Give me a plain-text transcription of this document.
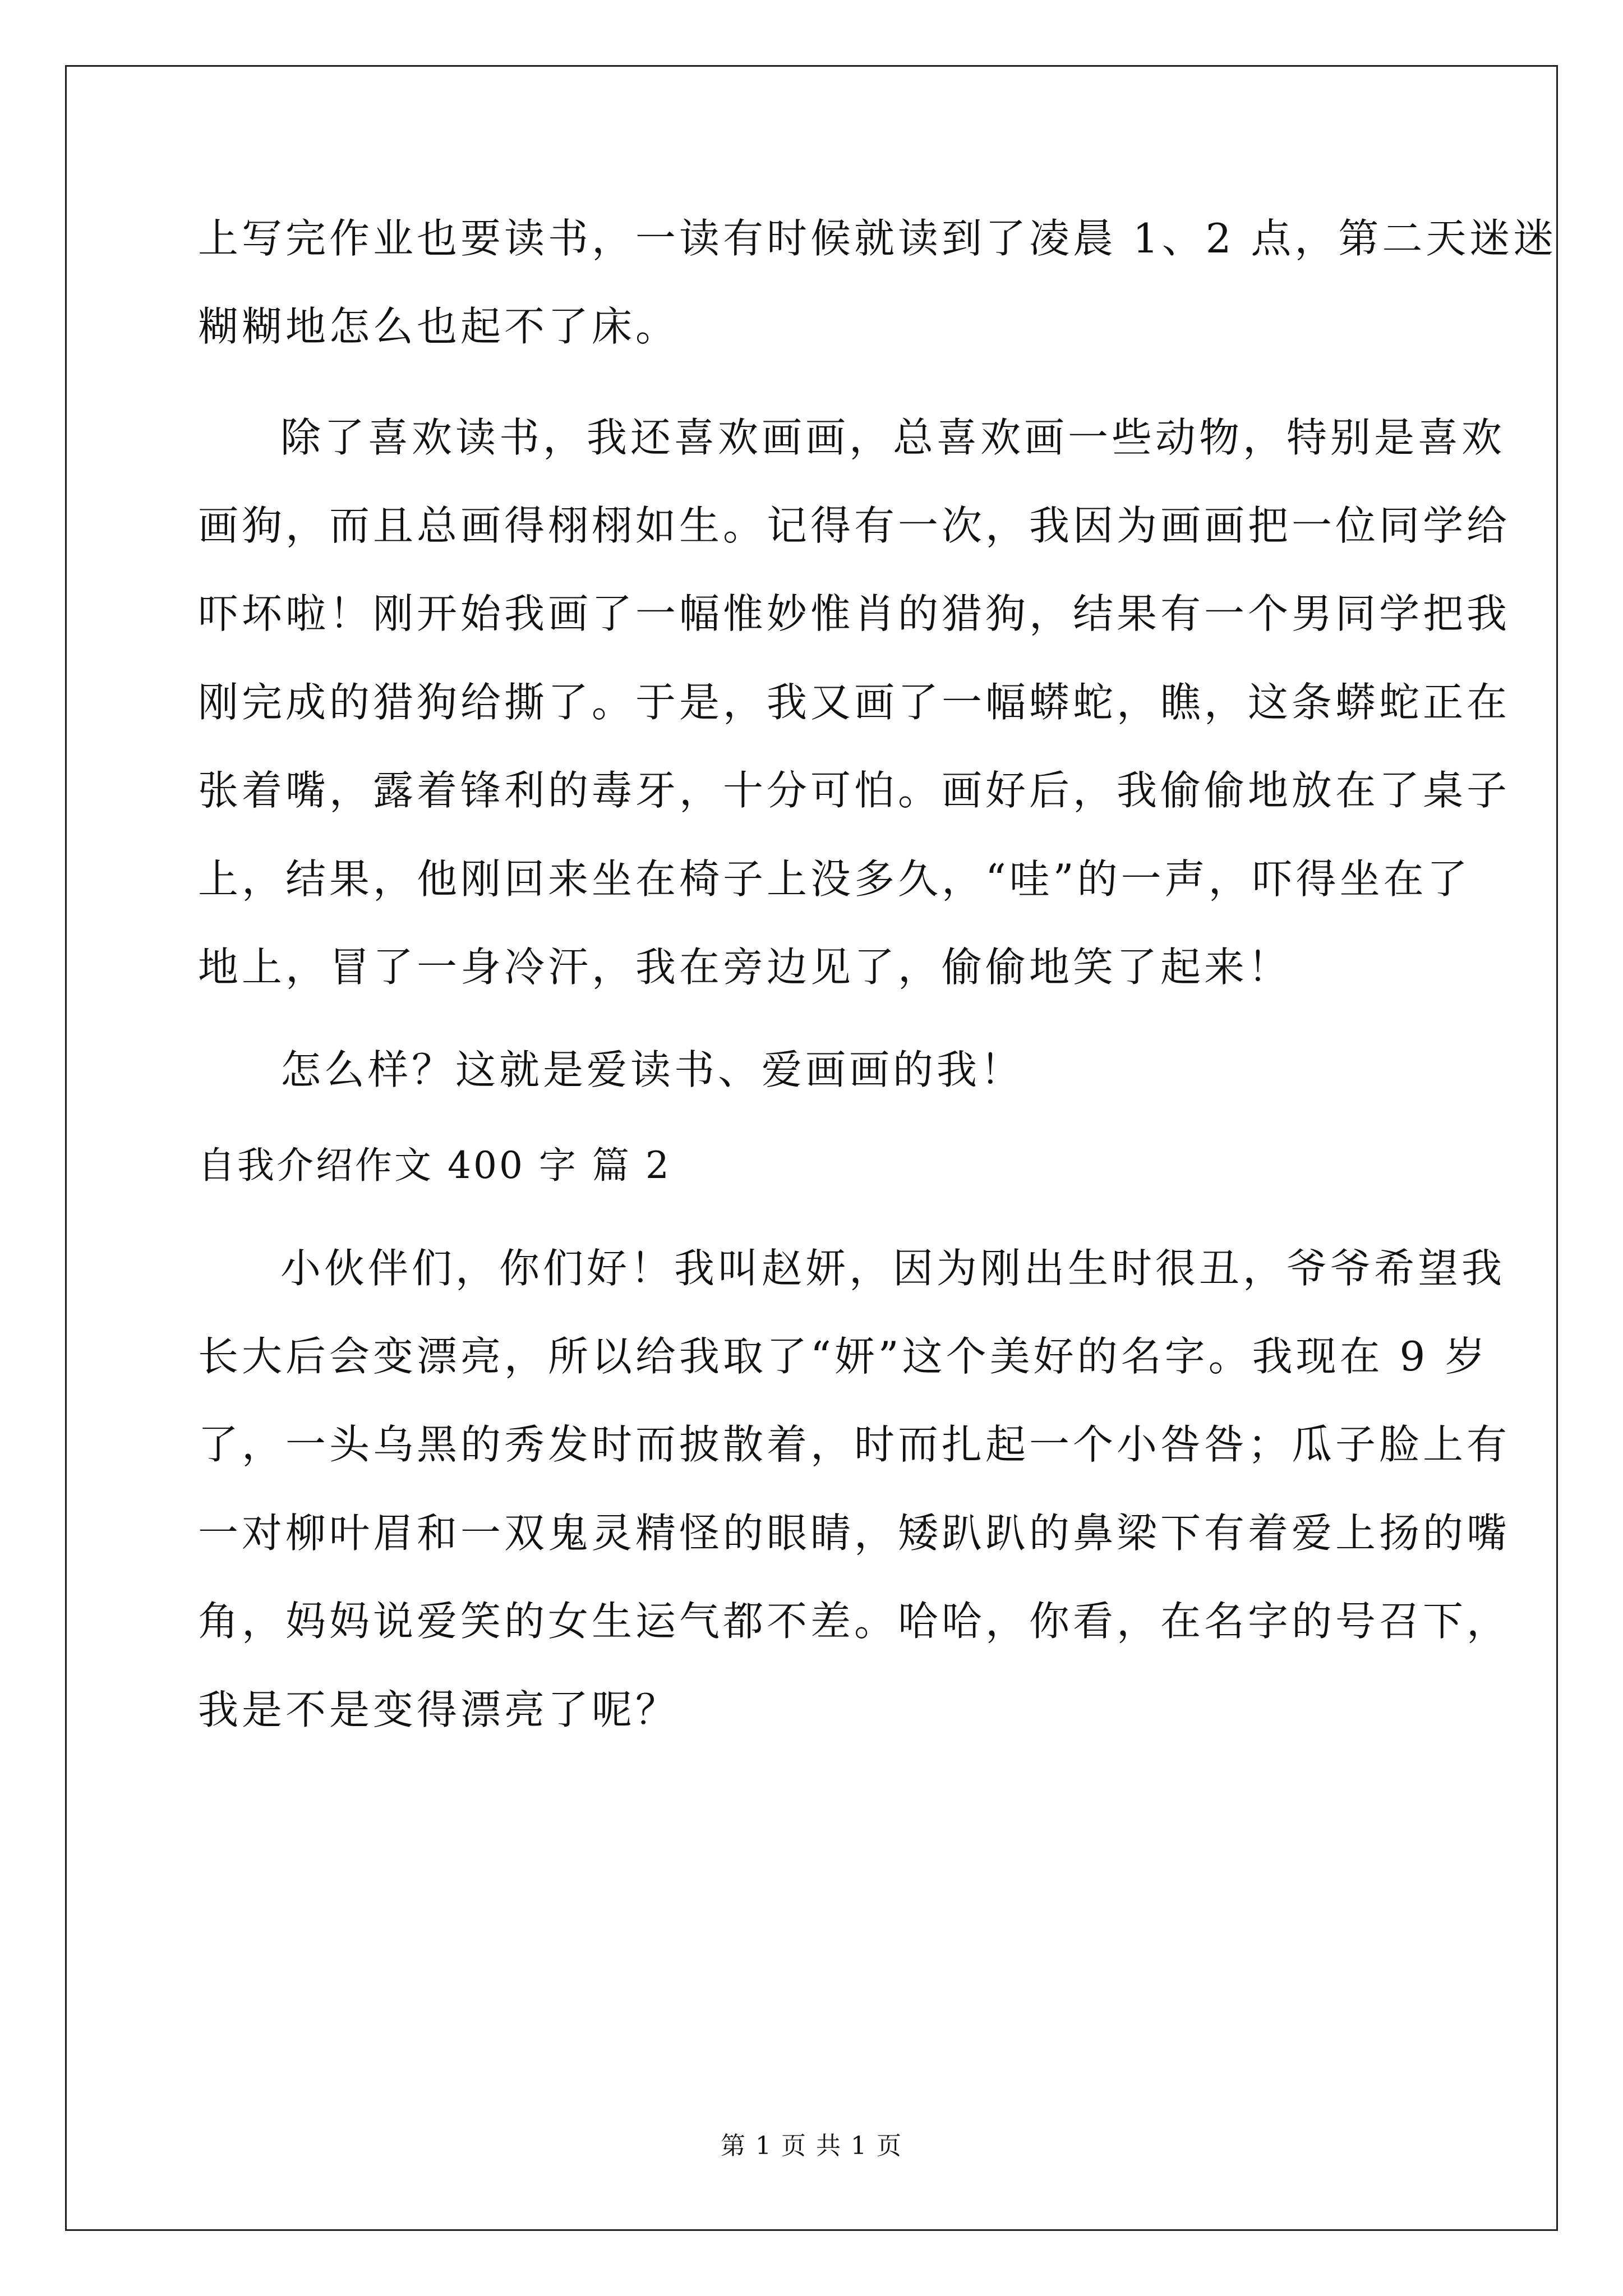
上写完作业也要读书，一读有时候就读到了凌晨 1、2 点，第二天迷迷
糊糊地怎么也起不了床。
除了喜欢读书，我还喜欢画画，总喜欢画一些动物，特别是喜欢
画狗，而且总画得栩栩如生。记得有一次，我因为画画把一位同学给
吓坏啦！刚开始我画了一幅惟妙惟肖的猎狗，结果有一个男同学把我
刚完成的猎狗给撕了。于是，我又画了一幅蟒蛇，瞧，这条蟒蛇正在
张着嘴，露着锋利的毒牙，十分可怕。画好后，我偷偷地放在了桌子
上，结果，他刚回来坐在椅子上没多久，“哇”的一声，吓得坐在了
地上，冒了一身冷汗，我在旁边见了，偷偷地笑了起来！
怎么样？这就是爱读书、爱画画的我！
自我介绍作文 400 字 篇 2
小伙伴们，你们好！我叫赵妍，因为刚出生时很丑，爷爷希望我
长大后会变漂亮，所以给我取了“妍”这个美好的名字。我现在 9 岁
了，一头乌黑的秀发时而披散着，时而扎起一个小咎咎；瓜子脸上有
一对柳叶眉和一双鬼灵精怪的眼睛，矮趴趴的鼻梁下有着爱上扬的嘴
角，妈妈说爱笑的女生运气都不差。哈哈，你看，在名字的号召下，
我是不是变得漂亮了呢？
第 1 页 共 1 页
